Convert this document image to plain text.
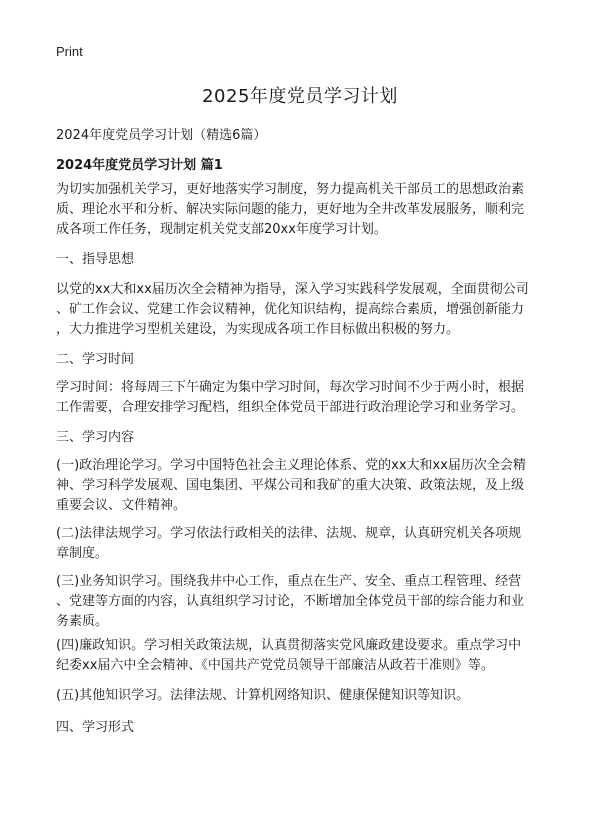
Print
2025年度党员学习计划
2024年度党员学习计划（精选6篇）
2024年度党员学习计划 篇1

为切实加强机关学习，更好地落实学习制度，努力提高机关干部员工的思想政治素
质、理论水平和分析、解决实际问题的能力，更好地为全井改革发展服务，顺利完
成各项工作任务，现制定机关党支部20xx年度学习计划。

一、指导思想

以党的xx大和xx届历次全会精神为指导，深入学习实践科学发展观，全面贯彻公司
、矿工作会议、党建工作会议精神，优化知识结构，提高综合素质，增强创新能力
，大力推进学习型机关建设，为实现成各项工作目标做出积极的努力。

二、学习时间

学习时间：将每周三下午确定为集中学习时间，每次学习时间不少于两小时，根据
工作需要，合理安排学习配档，组织全体党员干部进行政治理论学习和业务学习。

三、学习内容

(一)政治理论学习。学习中国特色社会主义理论体系、党的xx大和xx届历次全会精
神、学习科学发展观、国电集团、平煤公司和我矿的重大决策、政策法规，及上级
重要会议、文件精神。

(二)法律法规学习。学习依法行政相关的法律、法规、规章，认真研究机关各项规
章制度。

(三)业务知识学习。围绕我井中心工作，重点在生产、安全、重点工程管理、经营
、党建等方面的内容，认真组织学习讨论，不断增加全体党员干部的综合能力和业
务素质。

(四)廉政知识。学习相关政策法规，认真贯彻落实党风廉政建设要求。重点学习中
纪委xx届六中全会精神、《中国共产党党员领导干部廉洁从政若干准则》等。

(五)其他知识学习。法律法规、计算机网络知识、健康保健知识等知识。

四、学习形式
